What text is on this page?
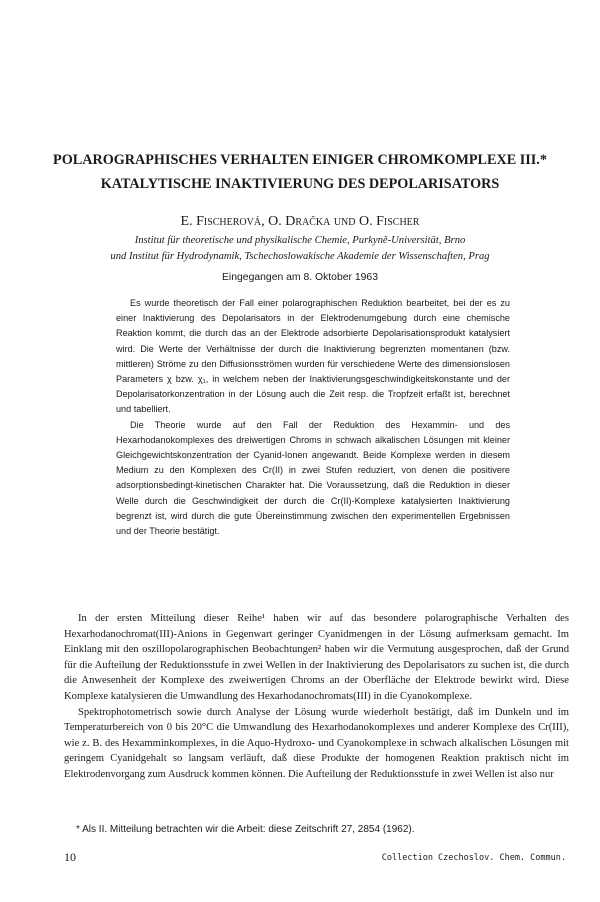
POLAROGRAPHISCHES VERHALTEN EINIGER CHROMKOMPLEXE III.*
KATALYTISCHE INAKTIVIERUNG DES DEPOLARISATORS
E. Fischerová, O. Dračka und O. Fischer
Institut für theoretische und physikalische Chemie, Purkyně-Universität, Brno
und Institut für Hydrodynamik, Tschechoslowakische Akademie der Wissenschaften, Prag
Eingegangen am 8. Oktober 1963

Es wurde theoretisch der Fall einer polarographischen Reduktion bearbeitet, bei der es zu einer Inaktivierung des Depolarisators in der Elektrodenumgebung durch eine chemische Reaktion kommt, die durch das an der Elektrode adsorbierte Depolarisationsprodukt katalysiert wird. Die Werte der Verhältnisse der durch die Inaktivierung begrenzten momentanen (bzw. mittleren) Ströme zu den Diffusionsströmen wurden für verschiedene Werte des dimensionslosen Parameters χ bzw. χ₁, in welchem neben der Inaktivierungsgeschwindigkeitskonstante und der Depolarisatorkonzentration in der Lösung auch die Zeit resp. die Tropfzeit erfaßt ist, berechnet und tabelliert.

Die Theorie wurde auf den Fall der Reduktion des Hexammin- und des Hexarhodanokomplexes des dreiwertigen Chroms in schwach alkalischen Lösungen mit kleiner Gleichgewichtskonzentration der Cyanid-Ionen angewandt. Beide Komplexe werden in diesem Medium zu den Komplexen des Cr(II) in zwei Stufen reduziert, von denen die positivere adsorptionsbedingt-kinetischen Charakter hat. Die Voraussetzung, daß die Reduktion in dieser Welle durch die Geschwindigkeit der durch die Cr(II)-Komplexe katalysierten Inaktivierung begrenzt ist, wird durch die gute Übereinstimmung zwischen den experimentellen Ergebnissen und der Theorie bestätigt.

In der ersten Mitteilung dieser Reihe¹ haben wir auf das besondere polarographische Verhalten des Hexarhodanochromat(III)-Anions in Gegenwart geringer Cyanidmengen in der Lösung aufmerksam gemacht. Im Einklang mit den oszillopolarographischen Beobachtungen² haben wir die Vermutung ausgesprochen, daß der Grund für die Aufteilung der Reduktionsstufe in zwei Wellen in der Inaktivierung des Depolarisators zu suchen ist, die durch die Anwesenheit der Komplexe des zweiwertigen Chroms an der Oberfläche der Elektrode bewirkt wird. Diese Komplexe katalysieren die Umwandlung des Hexarhodanochromats(III) in die Cyanokomplexe.

Spektrophotometrisch sowie durch Analyse der Lösung wurde wiederholt bestätigt, daß im Dunkeln und im Temperaturbereich von 0 bis 20°C die Umwandlung des Hexarhodanokomplexes und anderer Komplexe des Cr(III), wie z. B. des Hexamminkomplexes, in die Aquo-Hydroxo- und Cyanokomplexe in schwach alkalischen Lösungen mit geringem Cyanidgehalt so langsam verläuft, daß diese Produkte der homogenen Reaktion praktisch nicht im Elektrodenvorgang zum Ausdruck kommen können. Die Aufteilung der Reduktionsstufe in zwei Wellen ist also nur

* Als II. Mitteilung betrachten wir die Arbeit: diese Zeitschrift 27, 2854 (1962).
10	Collection Czechoslov. Chem. Commun.
